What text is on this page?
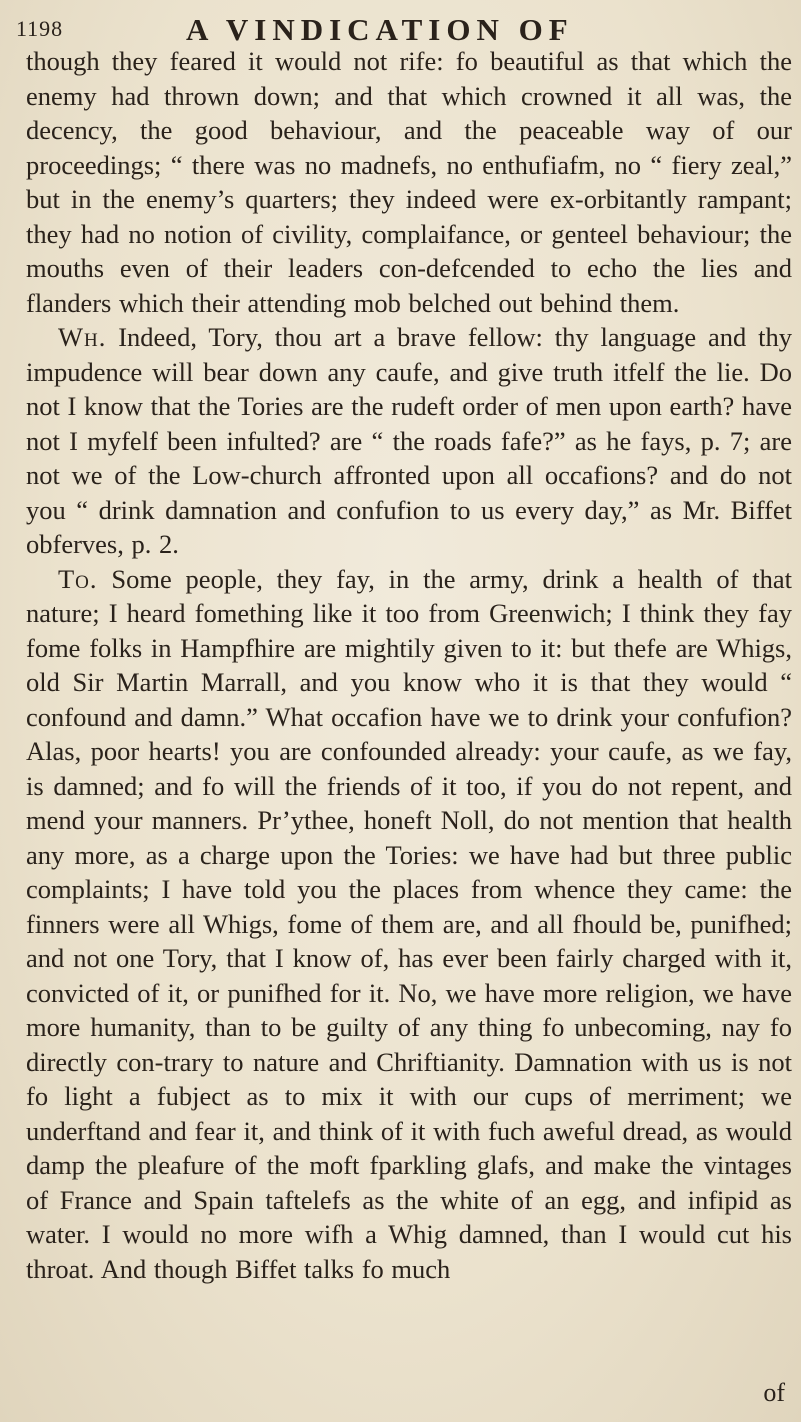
1198	A VINDICATION OF

though they feared it would not rife: fo beautiful as that which the enemy had thrown down; and that which crowned it all was, the decency, the good behaviour, and the peaceable way of our proceedings; “ there was no madnefs, no enthufiafm, no “ fiery zeal,” but in the enemy’s quarters; they indeed were ex-orbitantly rampant; they had no notion of civility, complaifance, or genteel behaviour; the mouths even of their leaders con-defcended to echo the lies and flanders which their attending mob belched out behind them.

Wh. Indeed, Tory, thou art a brave fellow: thy language and thy impudence will bear down any caufe, and give truth itfelf the lie. Do not I know that the Tories are the rudeft order of men upon earth? have not I myfelf been infulted? are “ the roads fafe?” as he fays, p. 7; are not we of the Low-church affronted upon all occafions? and do not you “ drink damnation and confufion to us every day,” as Mr. Biffet obferves, p. 2.

To. Some people, they fay, in the army, drink a health of that nature; I heard fomething like it too from Greenwich; I think they fay fome folks in Hampfhire are mightily given to it: but thefe are Whigs, old Sir Martin Marrall, and you know who it is that they would “ confound and damn.” What occafion have we to drink your confufion? Alas, poor hearts! you are confounded already: your caufe, as we fay, is damned; and fo will the friends of it too, if you do not repent, and mend your manners. Pr’ythee, honeft Noll, do not mention that health any more, as a charge upon the Tories: we have had but three public complaints; I have told you the places from whence they came: the finners were all Whigs, fome of them are, and all fhould be, punifhed; and not one Tory, that I know of, has ever been fairly charged with it, convicted of it, or punifhed for it. No, we have more religion, we have more humanity, than to be guilty of any thing fo unbecoming, nay fo directly con-trary to nature and Chriftianity. Damnation with us is not fo light a fubject as to mix it with our cups of merriment; we underftand and fear it, and think of it with fuch aweful dread, as would damp the pleafure of the moft fparkling glafs, and make the vintages of France and Spain taftelefs as the white of an egg, and infipid as water. I would no more wifh a Whig damned, than I would cut his throat. And though Biffet talks fo much

of
